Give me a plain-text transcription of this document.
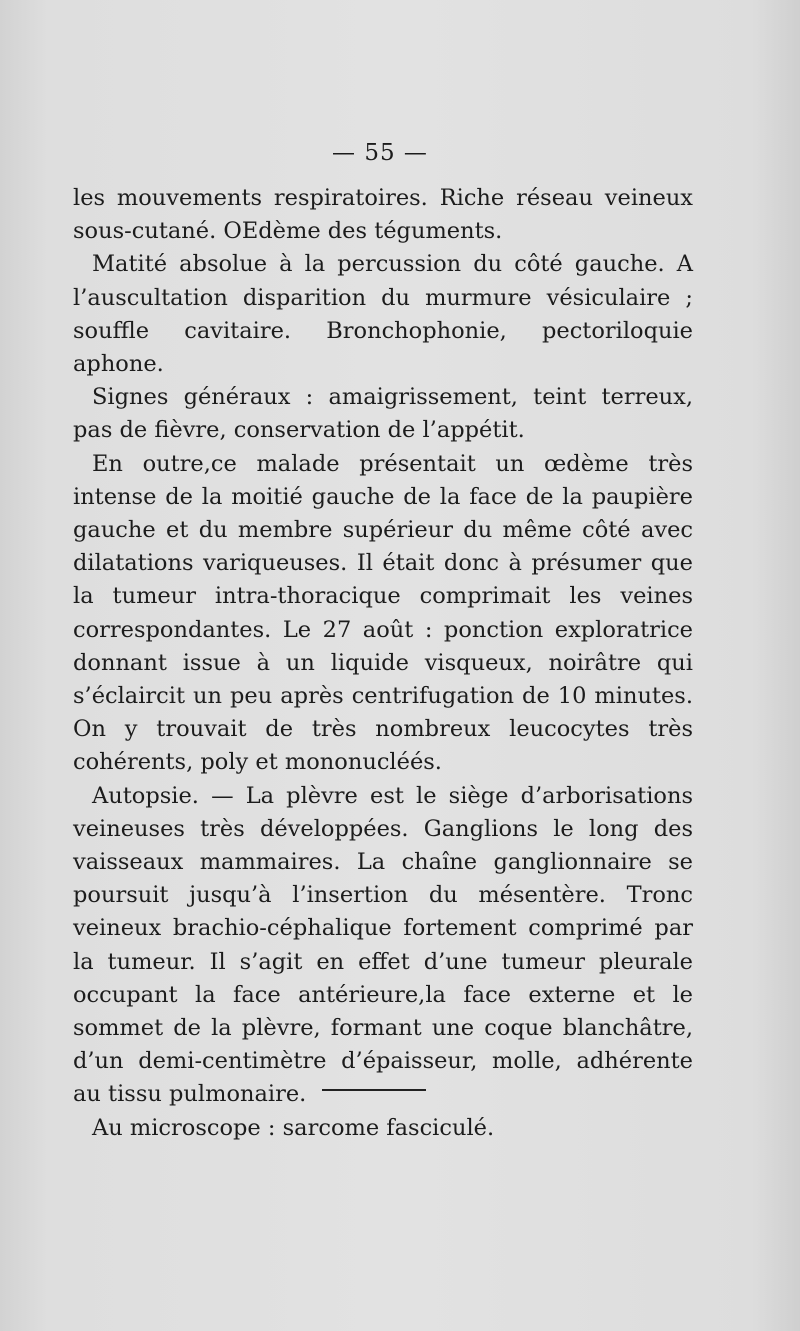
— 55 —

les mouvements respiratoires. Riche réseau veineux sous-cutané. OEdème des téguments.

Matité absolue à la percussion du côté gauche. A l’auscultation disparition du murmure vésiculaire ; souffle cavitaire. Bronchophonie, pectoriloquie aphone.

Signes généraux : amaigrissement, teint terreux, pas de fièvre, conservation de l’appétit.

En outre,ce malade présentait un œdème très intense de la moitié gauche de la face de la paupière gauche et du membre supérieur du même côté avec dilatations variqueuses. Il était donc à présumer que la tumeur intra-thoracique comprimait les veines correspondantes. Le 27 août : ponction exploratrice donnant issue à un liquide visqueux, noirâtre qui s’éclaircit un peu après centrifugation de 10 minutes. On y trouvait de très nombreux leucocytes très cohérents, poly et mononucléés.

Autopsie. — La plèvre est le siège d’arborisations veineuses très développées. Ganglions le long des vaisseaux mammaires. La chaîne ganglionnaire se poursuit jusqu’à l’insertion du mésentère. Tronc veineux brachio-céphalique fortement comprimé par la tumeur. Il s’agit en effet d’une tumeur pleurale occupant la face antérieure,la face externe et le sommet de la plèvre, formant une coque blanchâtre, d’un demi-centimètre d’épaisseur, molle, adhérente au tissu pulmonaire.

Au microscope : sarcome fasciculé.
